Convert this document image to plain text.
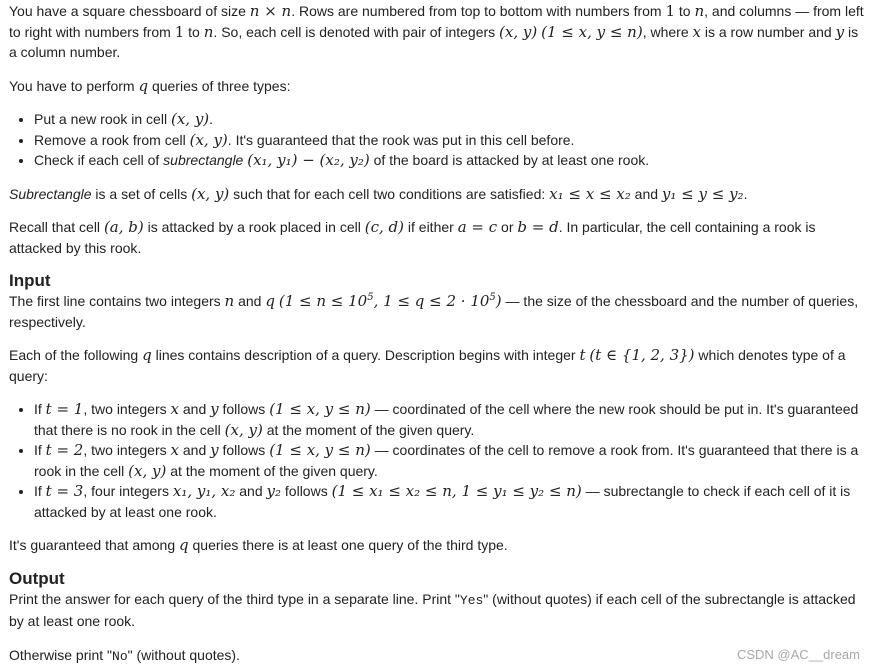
You have a square chessboard of size n × n. Rows are numbered from top to bottom with numbers from 1 to n, and columns — from left to right with numbers from 1 to n. So, each cell is denoted with pair of integers (x, y) (1 ≤ x, y ≤ n), where x is a row number and y is a column number.

You have to perform q queries of three types:

• Put a new rook in cell (x, y).
• Remove a rook from cell (x, y). It's guaranteed that the rook was put in this cell before.
• Check if each cell of subrectangle (x₁, y₁) − (x₂, y₂) of the board is attacked by at least one rook.

Subrectangle is a set of cells (x, y) such that for each cell two conditions are satisfied: x₁ ≤ x ≤ x₂ and y₁ ≤ y ≤ y₂.

Recall that cell (a, b) is attacked by a rook placed in cell (c, d) if either a = c or b = d. In particular, the cell containing a rook is attacked by this rook.

Input

The first line contains two integers n and q ($1 \le n \le 10^5$, $1 \le q \le 2 \cdot 10^5$) — the size of the chessboard and the number of queries, respectively.

Each of the following q lines contains description of a query. Description begins with integer t (t ∈ {1, 2, 3}) which denotes type of a query:

• If t = 1, two integers x and y follows (1 ≤ x, y ≤ n) — coordinated of the cell where the new rook should be put in. It's guaranteed that there is no rook in the cell (x, y) at the moment of the given query.
• If t = 2, two integers x and y follows (1 ≤ x, y ≤ n) — coordinates of the cell to remove a rook from. It's guaranteed that there is a rook in the cell (x, y) at the moment of the given query.
• If t = 3, four integers x₁, y₁, x₂ and y₂ follows (1 ≤ x₁ ≤ x₂ ≤ n, 1 ≤ y₁ ≤ y₂ ≤ n) — subrectangle to check if each cell of it is attacked by at least one rook.

It's guaranteed that among q queries there is at least one query of the third type.

Output

Print the answer for each query of the third type in a separate line. Print "Yes" (without quotes) if each cell of the subrectangle is attacked by at least one rook.

Otherwise print "No" (without quotes).	CSDN @AC__dream
